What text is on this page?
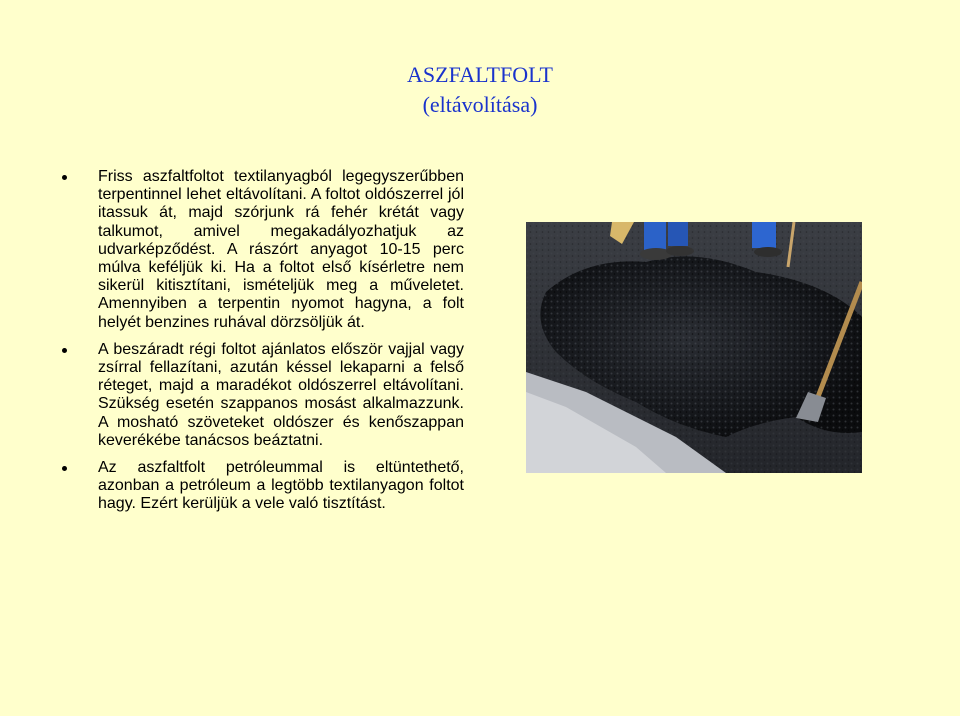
ASZFALTFOLT
(eltávolítása)
Friss aszfaltfoltot textilanyagból legegyszerűbben terpentinnel lehet eltávolítani. A foltot oldószerrel jól itassuk át, majd szórjunk rá fehér krétát vagy talkumot, amivel megakadályozhatjuk az udvarképződést. A rászórt anyagot 10-15 perc múlva keféljük ki. Ha a foltot első kísérletre nem sikerül kitisztítani, ismételjük meg a műveletet. Amennyiben a terpentin nyomot hagyna, a folt helyét benzines ruhával dörzsöljük át.
A beszáradt régi foltot ajánlatos először vajjal vagy zsírral fellazítani, azután késsel lekaparni a felső réteget, majd a maradékot oldószerrel eltávolítani. Szükség esetén szappanos mosást alkalmazzunk. A mosható szöveteket oldószer és kenőszappan keverékébe tanácsos beáztatni.
Az aszfaltfolt petróleummal is eltüntethető, azonban a petróleum a legtöbb textilanyagon foltot hagy. Ezért kerüljük a vele való tisztítást.
